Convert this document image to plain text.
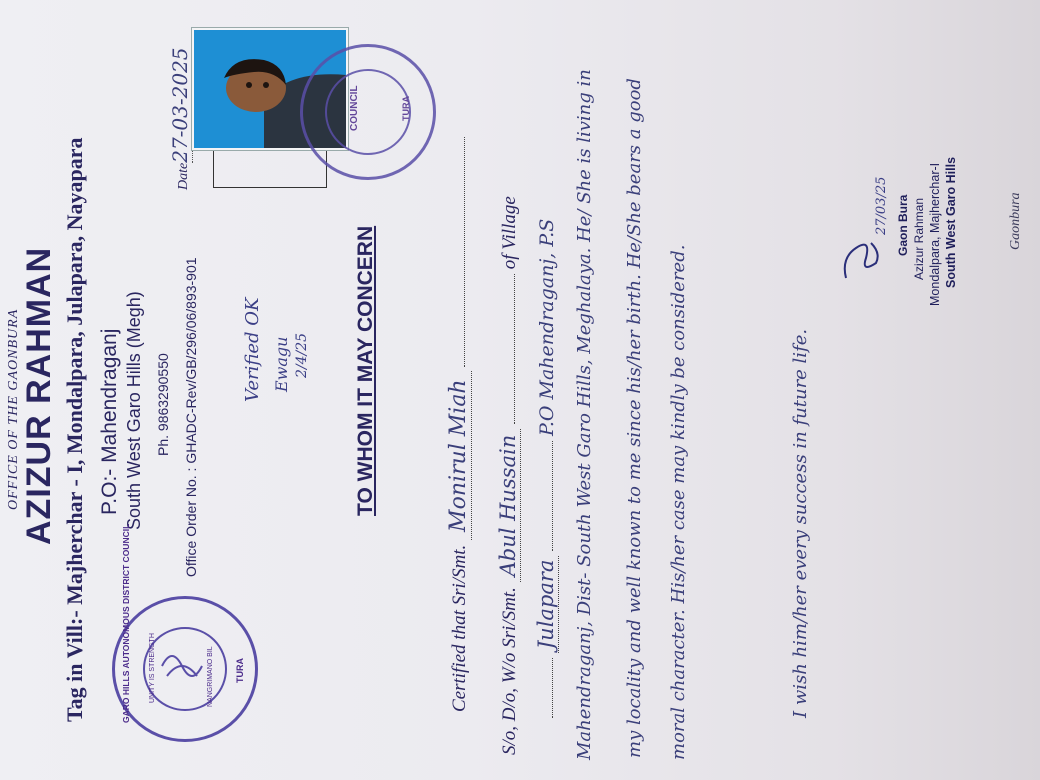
OFFICE OF THE GAONBURA AZIZUR RAHMAN Tag in Vill:- Majherchar - I, Mondalpara, Julapara, Nayapara P.O:- Mahendraganj South West Garo Hills (Megh) Ph. 9863290550 Office Order No. : GHADC-Rev/GB/296/06/893-901
Date27-03-2025	COUNCIL	TURA
Verified OK Ewagu 2/4/25 TO WHOM IT MAY CONCERN
Certified that Sri/Smt. Monirul Miah
S/o, D/o, W/o Sri/Smt. Abul Hussain  of Village
Julapara  P.O Mahendraganj, P.S Mahendraganj, Dist- South West Garo Hills, Meghalaya. He/ She is living in my locality and well known to me since his/her birth. He/She bears a good moral character. His/her case may kindly be considered.	I wish him/her every success in future life.
GARO HILLS AUTONOMOUS DISTRICT COUNCIL	UNITY IS STRENGTH	NANGRIMANO BIL TURA
27/03/25 Gaon Bura Azizur Rahman Mondalpara, Majherchar-I South West Garo Hills	Gaonbura
